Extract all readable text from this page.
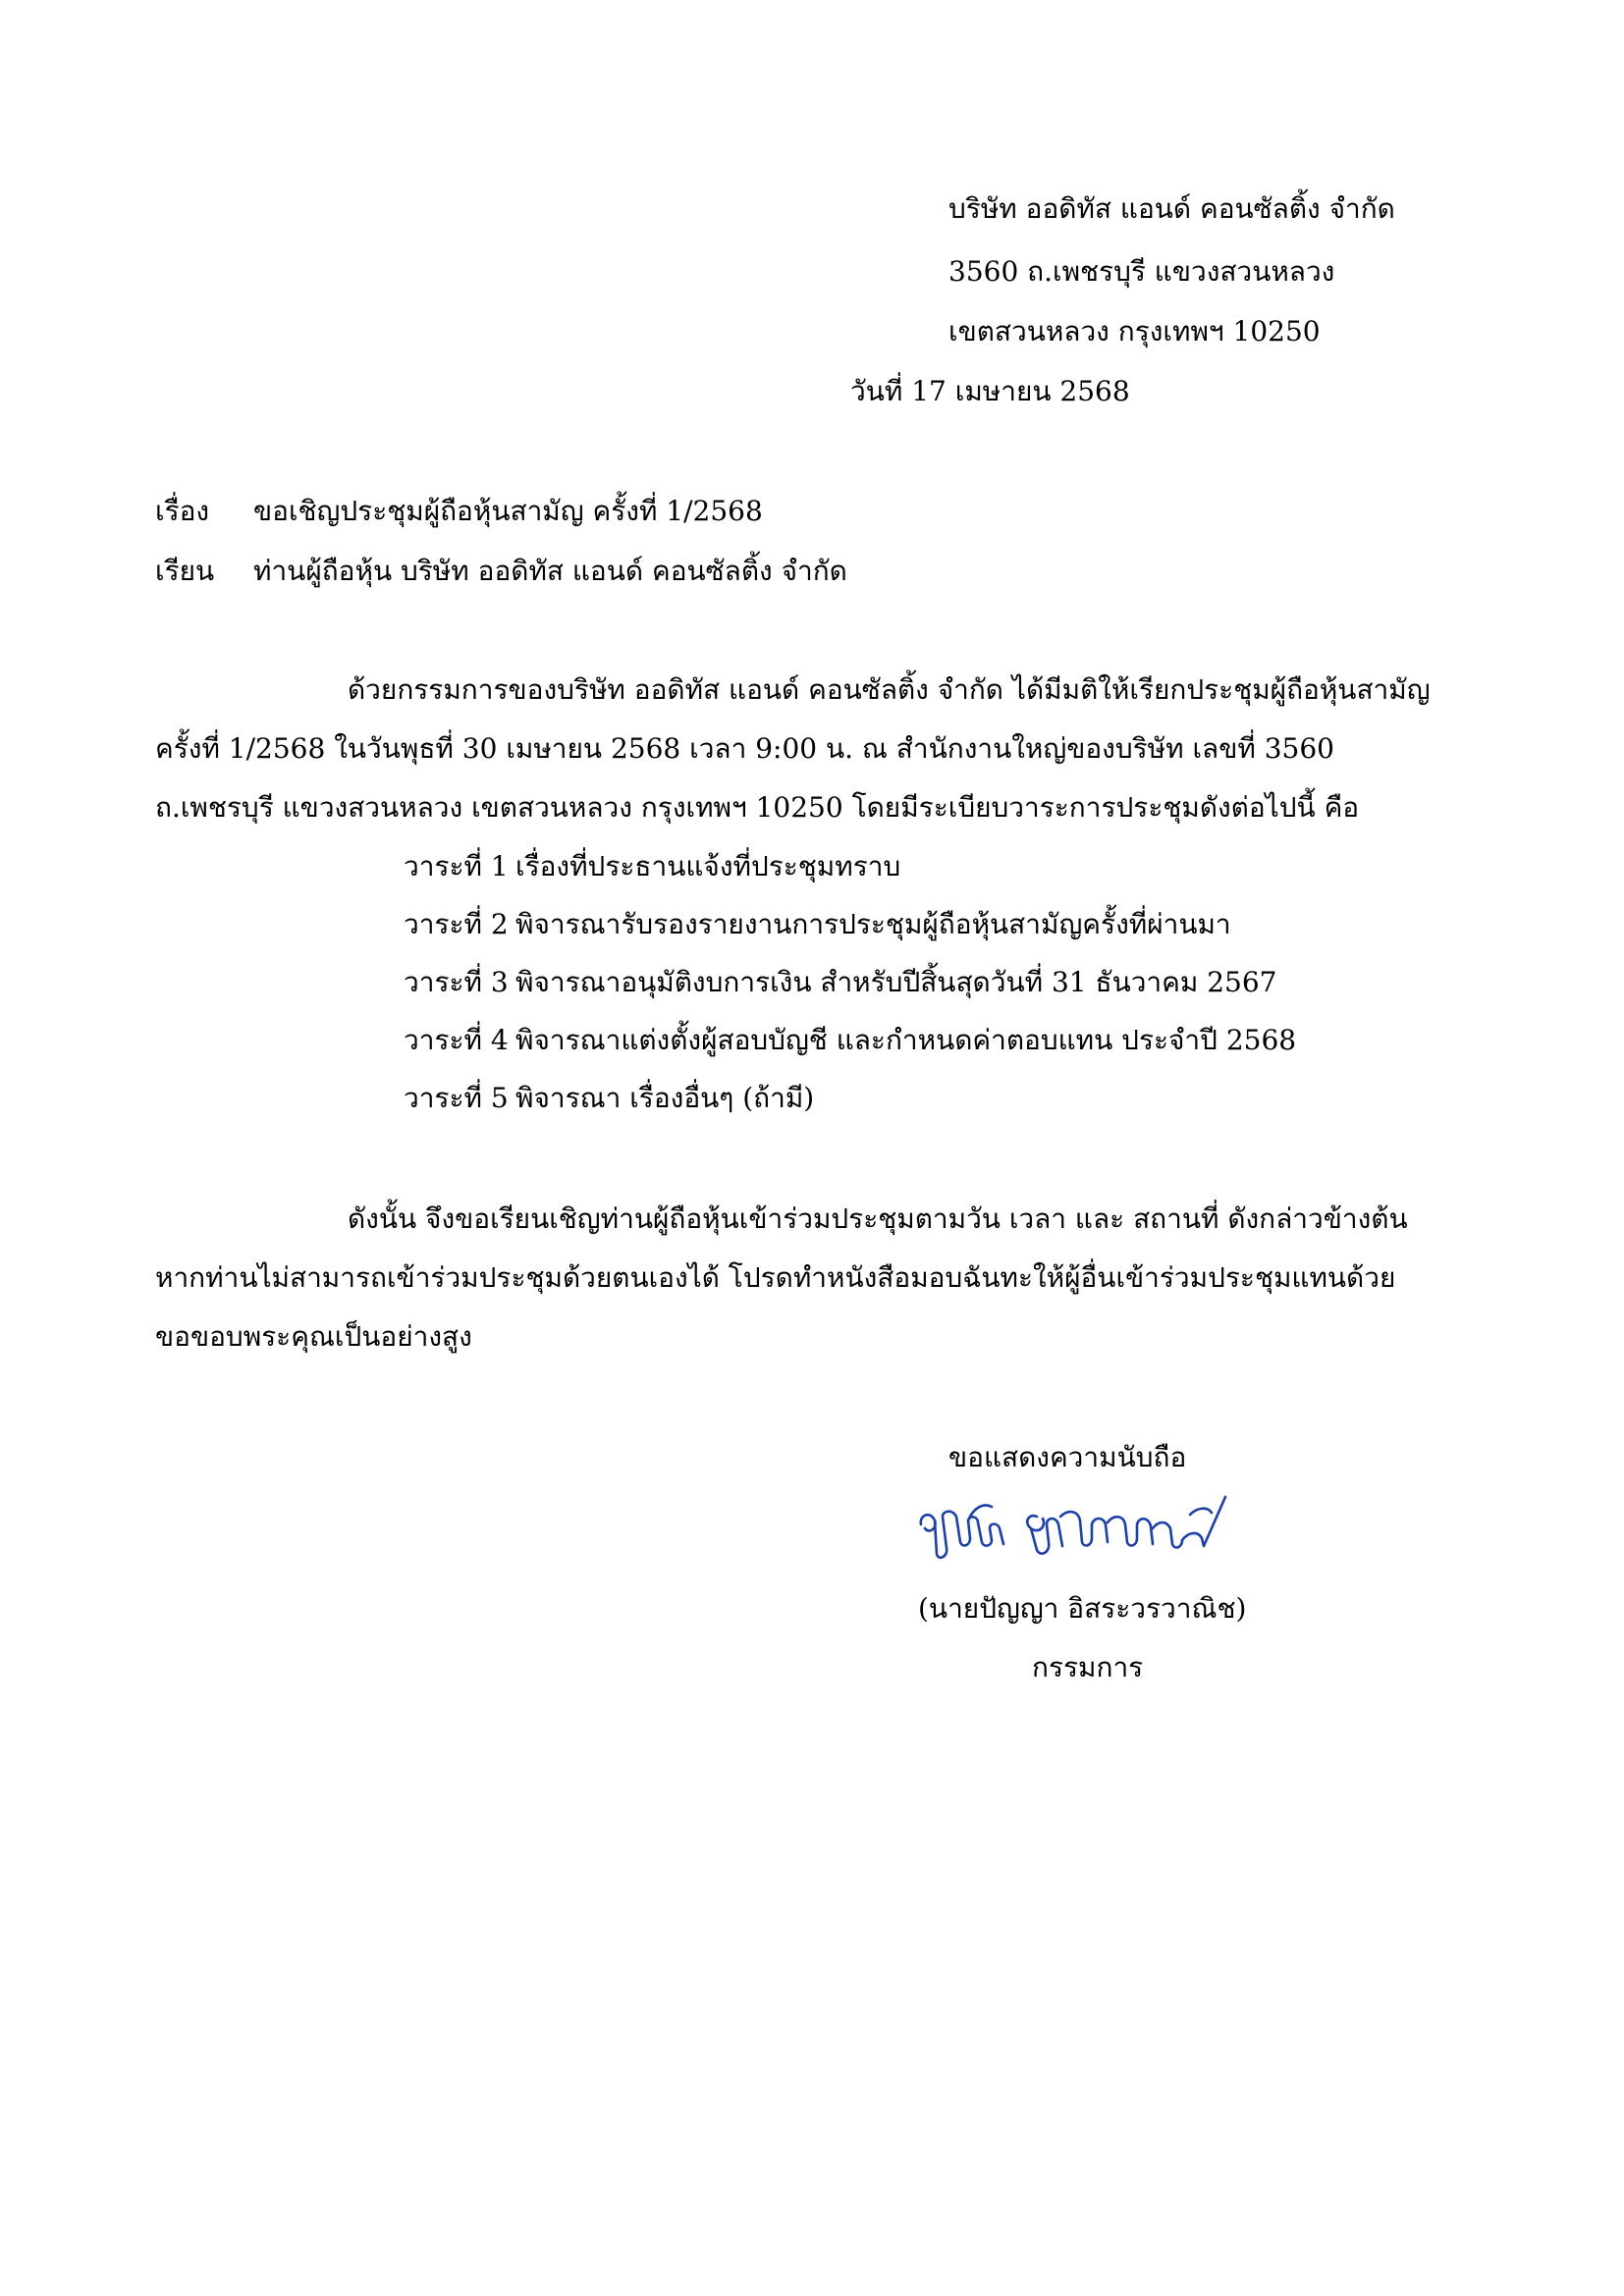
บริษัท ออดิทัส แอนด์ คอนซัลติ้ง จำกัด
3560 ถ.เพชรบุรี แขวงสวนหลวง
เขตสวนหลวง กรุงเทพฯ 10250
วันที่ 17 เมษายน 2568
เรื่อง ขอเชิญประชุมผู้ถือหุ้นสามัญ ครั้งที่ 1/2568
เรียน ท่านผู้ถือหุ้น บริษัท ออดิทัส แอนด์ คอนซัลติ้ง จำกัด
ด้วยกรรมการของบริษัท ออดิทัส แอนด์ คอนซัลติ้ง จำกัด ได้มีมติให้เรียกประชุมผู้ถือหุ้นสามัญ
ครั้งที่ 1/2568 ในวันพุธที่ 30 เมษายน 2568 เวลา 9:00 น. ณ สำนักงานใหญ่ของบริษัท เลขที่ 3560
ถ.เพชรบุรี แขวงสวนหลวง เขตสวนหลวง กรุงเทพฯ 10250 โดยมีระเบียบวาระการประชุมดังต่อไปนี้ คือ
วาระที่ 1 เรื่องที่ประธานแจ้งที่ประชุมทราบ
วาระที่ 2 พิจารณารับรองรายงานการประชุมผู้ถือหุ้นสามัญครั้งที่ผ่านมา
วาระที่ 3 พิจารณาอนุมัติงบการเงิน สำหรับปีสิ้นสุดวันที่ 31 ธันวาคม 2567
วาระที่ 4 พิจารณาแต่งตั้งผู้สอบบัญชี และกำหนดค่าตอบแทน ประจำปี 2568
วาระที่ 5 พิจารณา เรื่องอื่นๆ (ถ้ามี)
ดังนั้น จึงขอเรียนเชิญท่านผู้ถือหุ้นเข้าร่วมประชุมตามวัน เวลา และ สถานที่ ดังกล่าวข้างต้น
หากท่านไม่สามารถเข้าร่วมประชุมด้วยตนเองได้ โปรดทำหนังสือมอบฉันทะให้ผู้อื่นเข้าร่วมประชุมแทนด้วย
ขอขอบพระคุณเป็นอย่างสูง
ขอแสดงความนับถือ
(นายปัญญา อิสระวรวาณิช)
กรรมการ
